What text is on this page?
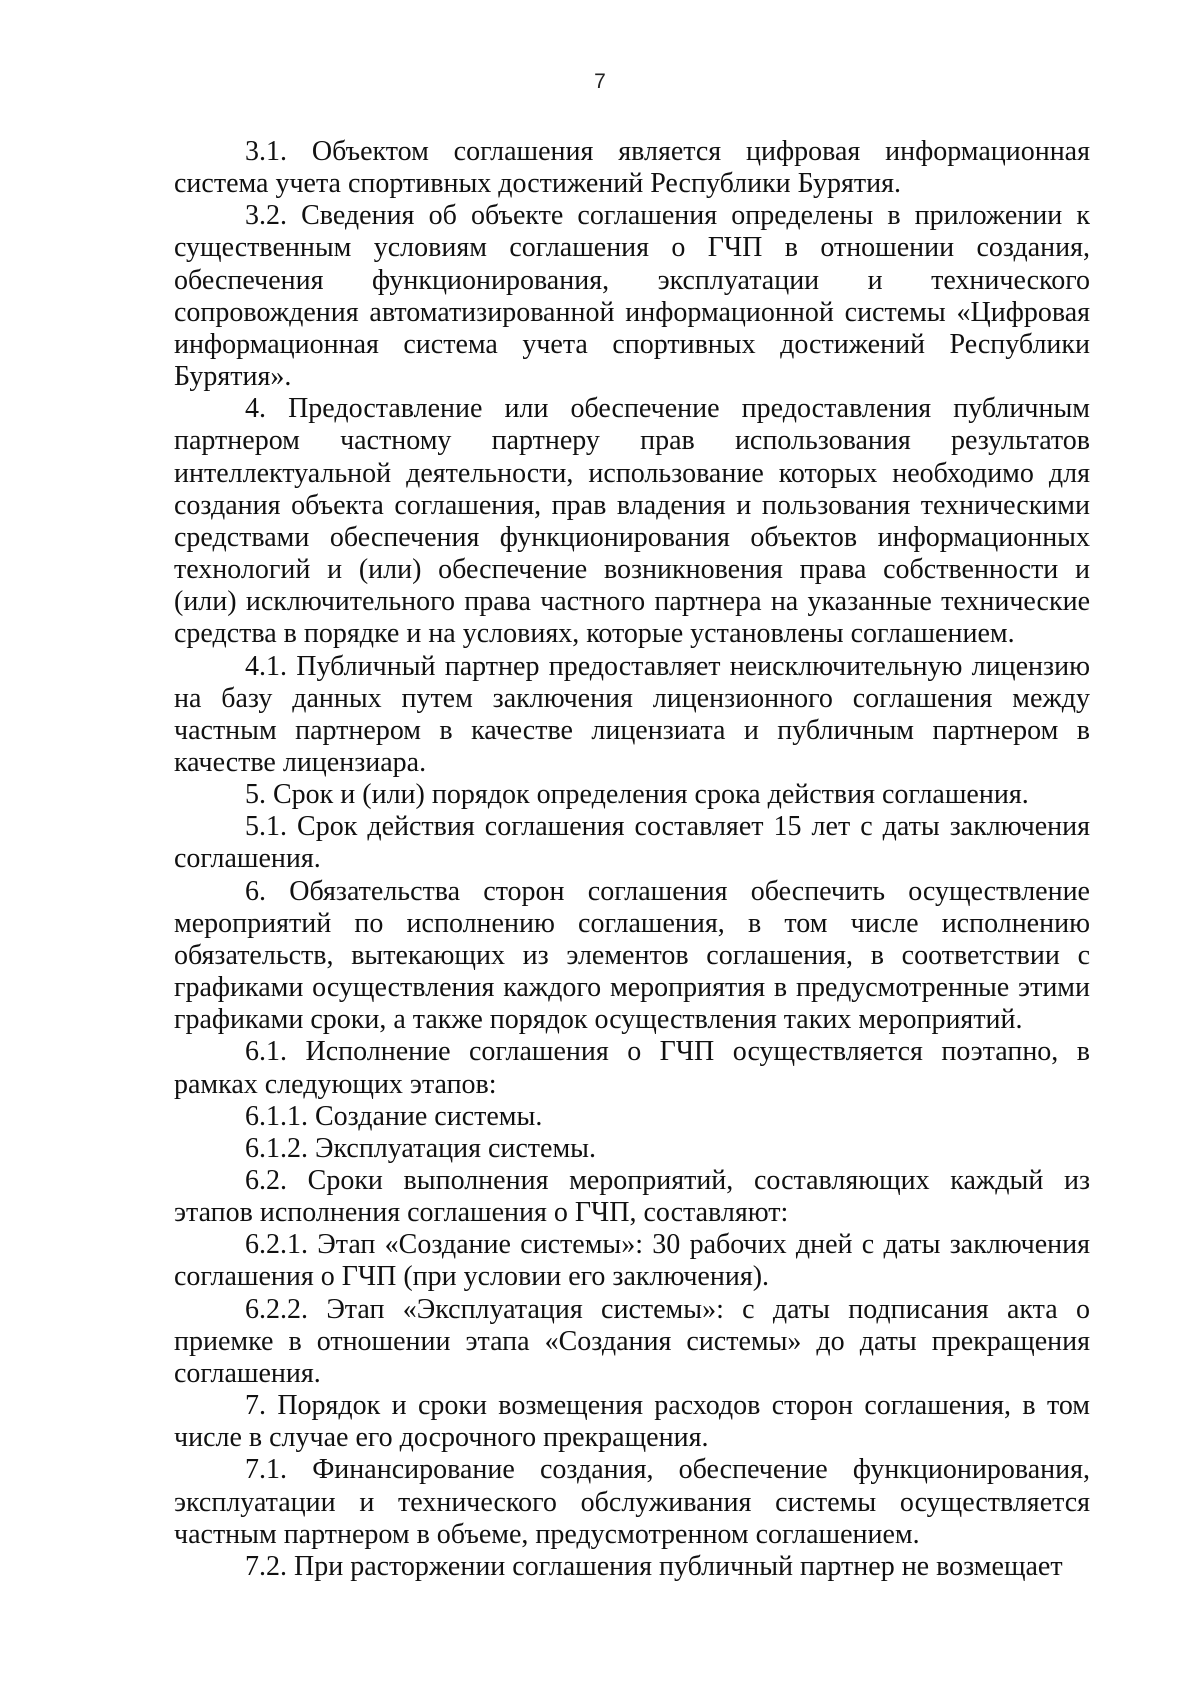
7

3.1. Объектом соглашения является цифровая информационная система учета спортивных достижений Республики Бурятия.

3.2. Сведения об объекте соглашения определены в приложении к существенным условиям соглашения о ГЧП в отношении создания, обеспечения функционирования, эксплуатации и технического сопровождения автоматизированной информационной системы «Цифровая информационная система учета спортивных достижений Республики Бурятия».

4. Предоставление или обеспечение предоставления публичным партнером частному партнеру прав использования результатов интеллектуальной деятельности, использование которых необходимо для создания объекта соглашения, прав владения и пользования техническими средствами обеспечения функционирования объектов информационных технологий и (или) обеспечение возникновения права собственности и (или) исключительного права частного партнера на указанные технические средства в порядке и на условиях, которые установлены соглашением.

4.1. Публичный партнер предоставляет неисключительную лицензию на базу данных путем заключения лицензионного соглашения между частным партнером в качестве лицензиата и публичным партнером в качестве лицензиара.

5. Срок и (или) порядок определения срока действия соглашения.

5.1. Срок действия соглашения составляет 15 лет с даты заключения соглашения.

6. Обязательства сторон соглашения обеспечить осуществление мероприятий по исполнению соглашения, в том числе исполнению обязательств, вытекающих из элементов соглашения, в соответствии с графиками осуществления каждого мероприятия в предусмотренные этими графиками сроки, а также порядок осуществления таких мероприятий.

6.1. Исполнение соглашения о ГЧП осуществляется поэтапно, в рамках следующих этапов:

6.1.1. Создание системы.

6.1.2. Эксплуатация системы.

6.2. Сроки выполнения мероприятий, составляющих каждый из этапов исполнения соглашения о ГЧП, составляют:

6.2.1. Этап «Создание системы»: 30 рабочих дней с даты заключения соглашения о ГЧП (при условии его заключения).

6.2.2. Этап «Эксплуатация системы»: с даты подписания акта о приемке в отношении этапа «Создания системы» до даты прекращения соглашения.

7. Порядок и сроки возмещения расходов сторон соглашения, в том числе в случае его досрочного прекращения.

7.1. Финансирование создания, обеспечение функционирования, эксплуатации и технического обслуживания системы осуществляется частным партнером в объеме, предусмотренном соглашением.

7.2. При расторжении соглашения публичный партнер не возмещает
